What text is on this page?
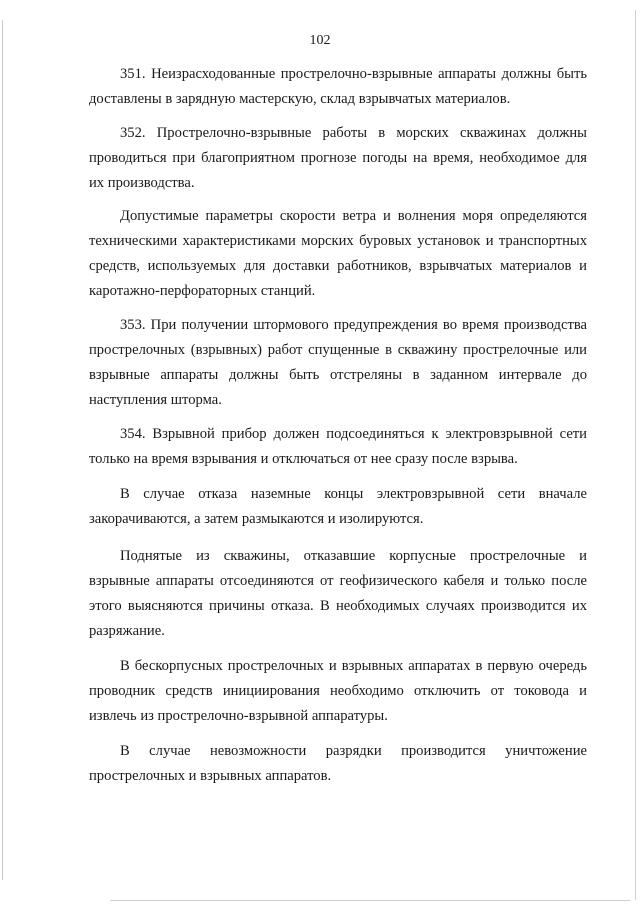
102

351. Неизрасходованные прострелочно-взрывные аппараты должны быть доставлены в зарядную мастерскую, склад взрывчатых материалов.

352. Прострелочно-взрывные работы в морских скважинах должны проводиться при благоприятном прогнозе погоды на время, необходимое для их производства.

Допустимые параметры скорости ветра и волнения моря определяются техническими характеристиками морских буровых установок и транспортных средств, используемых для доставки работников, взрывчатых материалов и каротажно-перфораторных станций.

353. При получении штормового предупреждения во время производства прострелочных (взрывных) работ спущенные в скважину прострелочные или взрывные аппараты должны быть отстреляны в заданном интервале до наступления шторма.

354. Взрывной прибор должен подсоединяться к электровзрывной сети только на время взрывания и отключаться от нее сразу после взрыва.

В случае отказа наземные концы электровзрывной сети вначале закорачиваются, а затем размыкаются и изолируются.

Поднятые из скважины, отказавшие корпусные прострелочные и взрывные аппараты отсоединяются от геофизического кабеля и только после этого выясняются причины отказа. В необходимых случаях производится их разряжание.

В бескорпусных прострелочных и взрывных аппаратах в первую очередь проводник средств инициирования необходимо отключить от токовода и извлечь из прострелочно-взрывной аппаратуры.

В случае невозможности разрядки производится уничтожение прострелочных и взрывных аппаратов.
